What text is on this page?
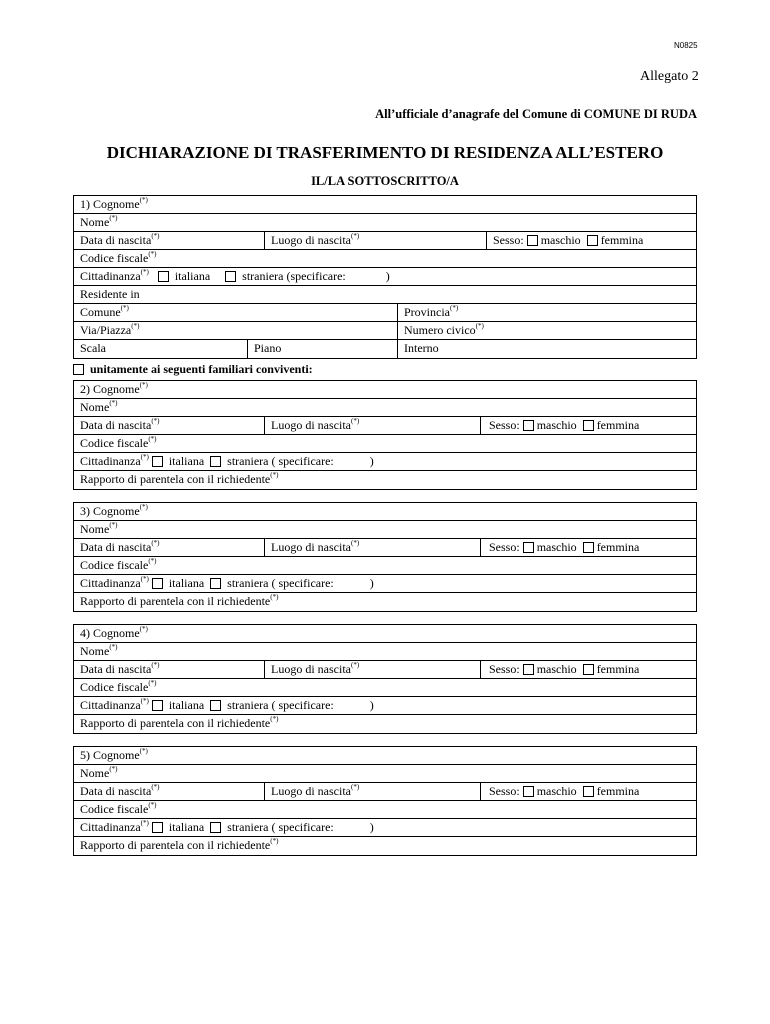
N0825
Allegato 2
All’ufficiale d’anagrafe del Comune di COMUNE DI RUDA
DICHIARAZIONE DI TRASFERIMENTO DI RESIDENZA ALL’ESTERO
IL/LA SOTTOSCRITTO/A
1) Cognome(*)
Nome(*)
Data di nascita(*)	Luogo di nascita(*)	Sesso: maschio femmina
Codice fiscale(*)
Cittadinanza(*) italiana	straniera (specificare:	)
Residente in
Comune(*)	Provincia(*)
Via/Piazza(*)	Numero civico(*)
Scala	Piano	Interno
unitamente ai seguenti familiari conviventi:
2) Cognome(*)
Nome(*)
Data di nascita(*)	Luogo di nascita(*)	Sesso: maschio femmina
Codice fiscale(*)
Cittadinanza(*) italiana straniera ( specificare:	)
Rapporto di parentela con il richiedente(*)
3) Cognome(*)
Nome(*)
Data di nascita(*)	Luogo di nascita(*)	Sesso: maschio femmina
Codice fiscale(*)
Cittadinanza(*) italiana straniera ( specificare:	)
Rapporto di parentela con il richiedente(*)
4) Cognome(*)
Nome(*)
Data di nascita(*)	Luogo di nascita(*)	Sesso: maschio femmina
Codice fiscale(*)
Cittadinanza(*) italiana straniera ( specificare:	)
Rapporto di parentela con il richiedente(*)
5) Cognome(*)
Nome(*)
Data di nascita(*)	Luogo di nascita(*)	Sesso: maschio femmina
Codice fiscale(*)
Cittadinanza(*) italiana straniera ( specificare:	)
Rapporto di parentela con il richiedente(*)
